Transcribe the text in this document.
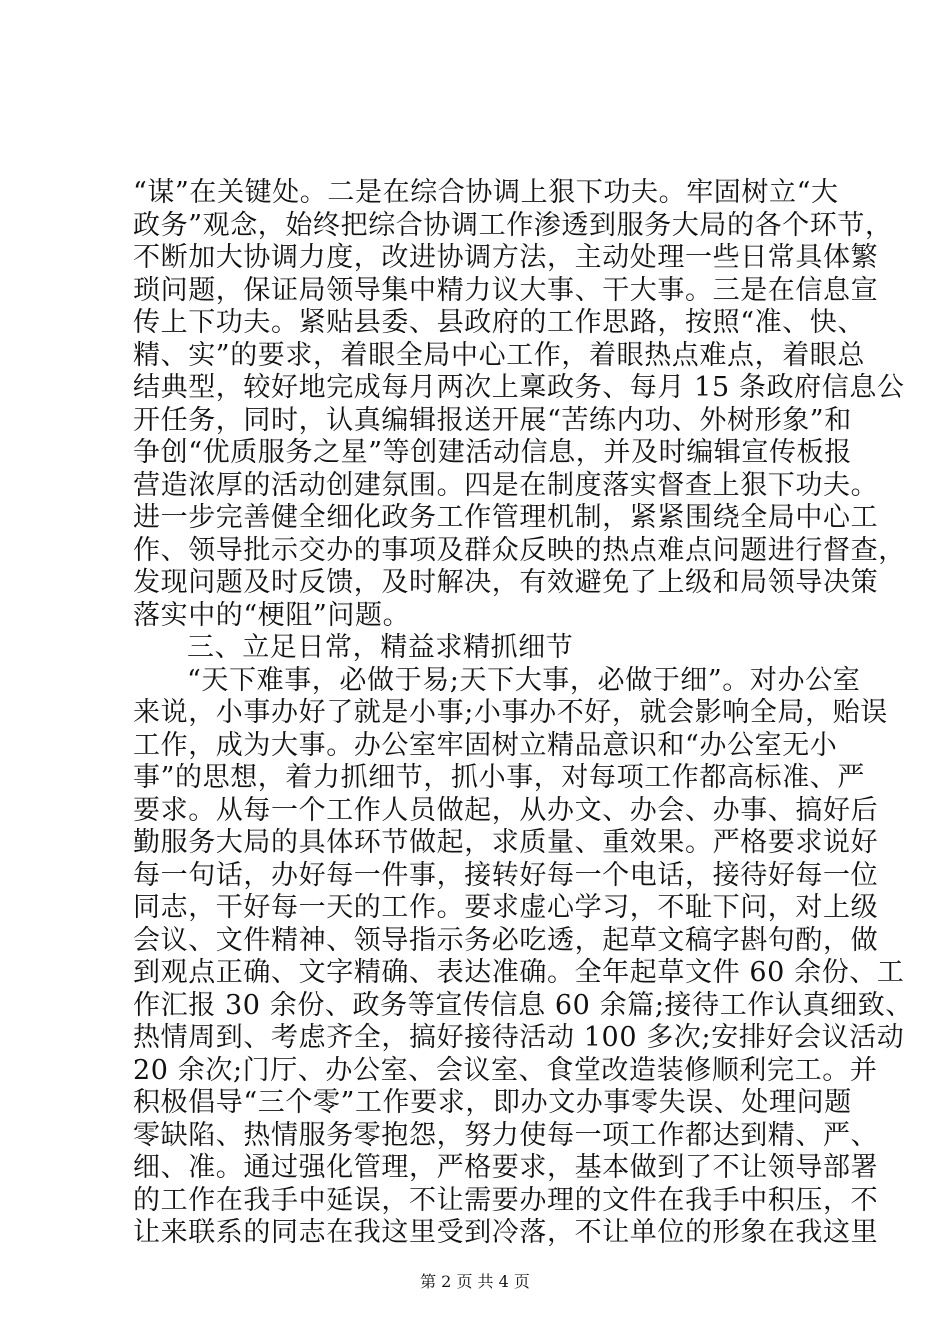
“谋”在关键处。二是在综合协调上狠下功夫。牢固树立“大
政务”观念，始终把综合协调工作渗透到服务大局的各个环节，
不断加大协调力度，改进协调方法，主动处理一些日常具体繁
琐问题，保证局领导集中精力议大事、干大事。三是在信息宣
传上下功夫。紧贴县委、县政府的工作思路，按照“准、快、
精、实”的要求，着眼全局中心工作，着眼热点难点，着眼总
结典型，较好地完成每月两次上稟政务、每月 15 条政府信息公
开任务，同时，认真编辑报送开展“苦练内功、外树形象”和
争创“优质服务之星”等创建活动信息，并及时编辑宣传板报
营造浓厚的活动创建氛围。四是在制度落实督查上狠下功夫。
进一步完善健全细化政务工作管理机制，紧紧围绕全局中心工
作、领导批示交办的事项及群众反映的热点难点问题进行督查，
发现问题及时反馈，及时解决，有效避免了上级和局领导决策
落实中的“梗阻”问题。
三、立足日常，精益求精抓细节
“天下难事，必做于易;天下大事，必做于细”。对办公室
来说，小事办好了就是小事;小事办不好，就会影响全局，贻误
工作，成为大事。办公室牢固树立精品意识和“办公室无小
事”的思想，着力抓细节，抓小事，对每项工作都高标准、严
要求。从每一个工作人员做起，从办文、办会、办事、搞好后
勤服务大局的具体环节做起，求质量、重效果。严格要求说好
每一句话，办好每一件事，接转好每一个电话，接待好每一位
同志，干好每一天的工作。要求虚心学习，不耻下问，对上级
会议、文件精神、领导指示务必吃透，起草文稿字斟句酌，做
到观点正确、文字精确、表达准确。全年起草文件 60 余份、工
作汇报 30 余份、政务等宣传信息 60 余篇;接待工作认真细致、
热情周到、考虑齐全，搞好接待活动 100 多次;安排好会议活动
20 余次;门厅、办公室、会议室、食堂改造装修顺利完工。并
积极倡导“三个零”工作要求，即办文办事零失误、处理问题
零缺陷、热情服务零抱怨，努力使每一项工作都达到精、严、
细、准。通过强化管理，严格要求，基本做到了不让领导部署
的工作在我手中延误，不让需要办理的文件在我手中积压，不
让来联系的同志在我这里受到冷落，不让单位的形象在我这里
第 2 页 共 4 页
